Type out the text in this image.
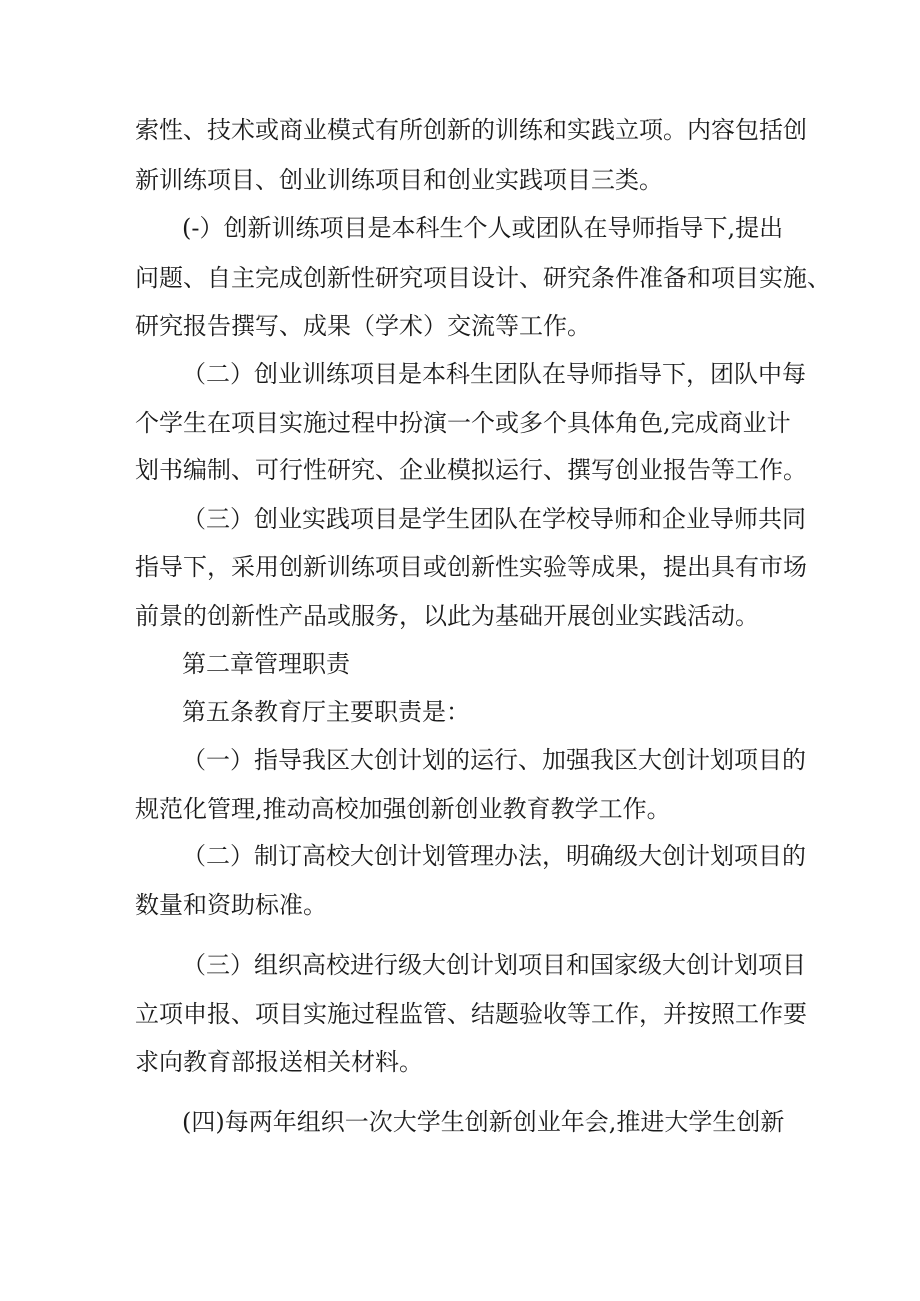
索性、技术或商业模式有所创新的训练和实践立项。内容包括创
新训练项目、创业训练项目和创业实践项目三类。
(-）创新训练项目是本科生个人或团队在导师指导下,提出
问题、自主完成创新性研究项目设计、研究条件准备和项目实施、
研究报告撰写、成果（学术）交流等工作。
（二）创业训练项目是本科生团队在导师指导下，团队中每
个学生在项目实施过程中扮演一个或多个具体角色,完成商业计
划书编制、可行性研究、企业模拟运行、撰写创业报告等工作。
（三）创业实践项目是学生团队在学校导师和企业导师共同
指导下，采用创新训练项目或创新性实验等成果，提出具有市场
前景的创新性产品或服务，以此为基础开展创业实践活动。
第二章管理职责
第五条教育厅主要职责是：
（一）指导我区大创计划的运行、加强我区大创计划项目的
规范化管理,推动高校加强创新创业教育教学工作。
（二）制订高校大创计划管理办法，明确级大创计划项目的
数量和资助标准。
（三）组织高校进行级大创计划项目和国家级大创计划项目
立项申报、项目实施过程监管、结题验收等工作，并按照工作要
求向教育部报送相关材料。
(四)每两年组织一次大学生创新创业年会,推进大学生创新
